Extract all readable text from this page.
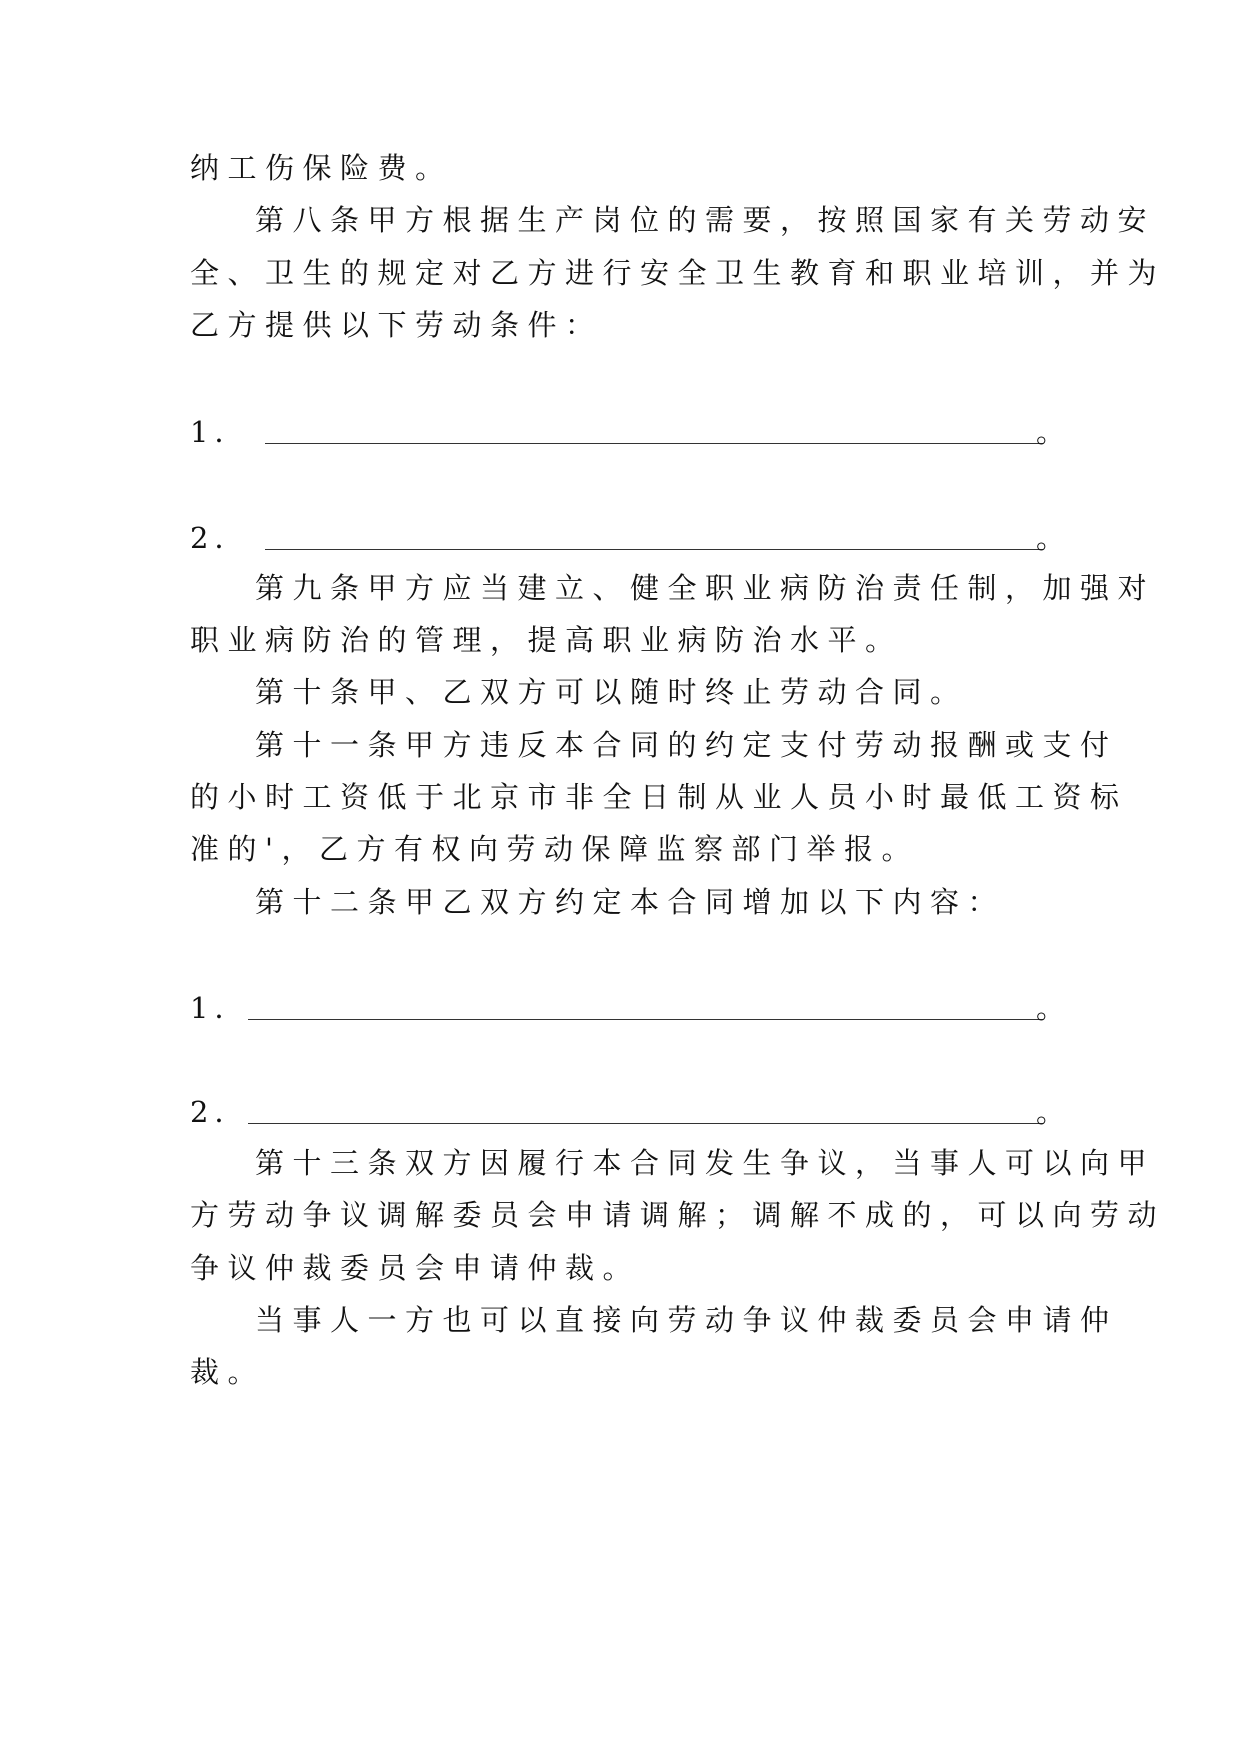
纳工伤保险费。
第八条甲方根据生产岗位的需要，按照国家有关劳动安
全、卫生的规定对乙方进行安全卫生教育和职业培训，并为
乙方提供以下劳动条件：
1．	。
2．	。
第九条甲方应当建立、健全职业病防治责任制，加强对
职业病防治的管理，提高职业病防治水平。
第十条甲、乙双方可以随时终止劳动合同。
第十一条甲方违反本合同的约定支付劳动报酬或支付
的小时工资低于北京市非全日制从业人员小时最低工资标
准的'，乙方有权向劳动保障监察部门举报。
第十二条甲乙双方约定本合同增加以下内容：
1．	。
2．	。
第十三条双方因履行本合同发生争议，当事人可以向甲
方劳动争议调解委员会申请调解；调解不成的，可以向劳动
争议仲裁委员会申请仲裁。
当事人一方也可以直接向劳动争议仲裁委员会申请仲
裁。
